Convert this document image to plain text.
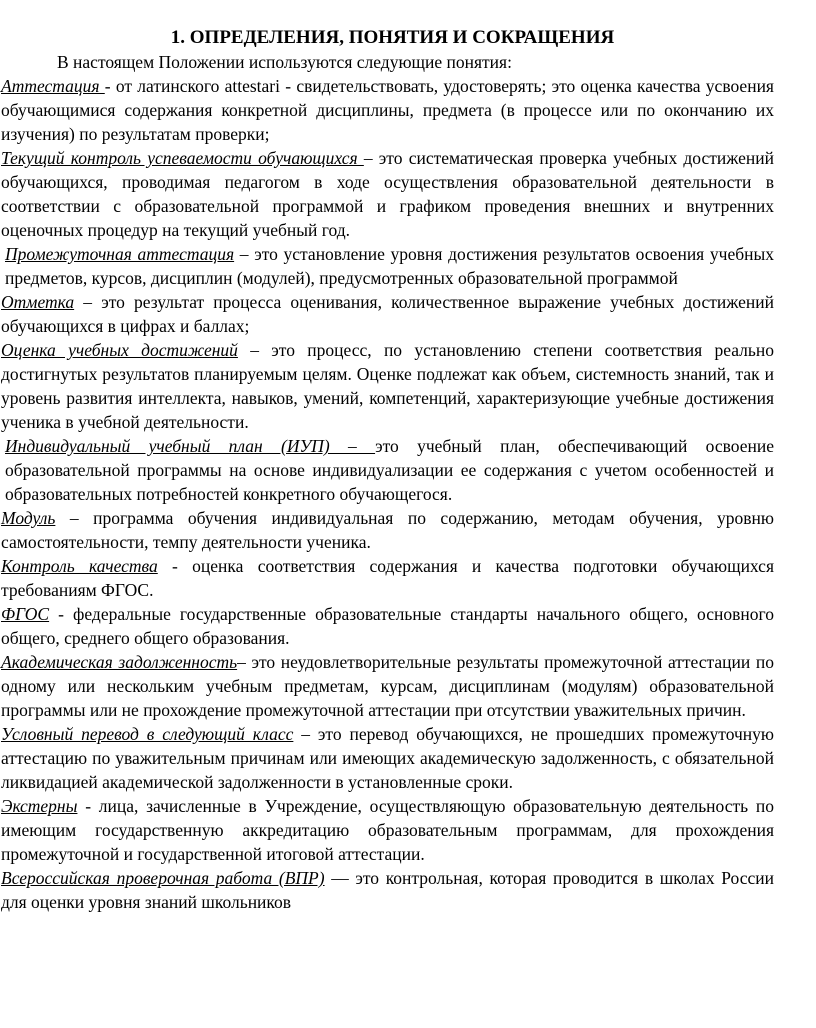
1. ОПРЕДЕЛЕНИЯ, ПОНЯТИЯ И СОКРАЩЕНИЯ

В настоящем Положении используются следующие понятия:

Аттестация - от латинского attestari - свидетельствовать, удостоверять; это оценка качества усвоения обучающимися содержания конкретной дисциплины, предмета (в процессе или по окончанию их изучения) по результатам проверки;

Текущий контроль успеваемости обучающихся – это систематическая проверка учебных достижений обучающихся, проводимая педагогом в ходе осуществления образовательной деятельности в соответствии с образовательной программой и графиком проведения внешних и внутренних оценочных процедур на текущий учебный год.

Промежуточная аттестация – это установление уровня достижения результатов освоения учебных предметов, курсов, дисциплин (модулей), предусмотренных образовательной программой

Отметка – это результат процесса оценивания, количественное выражение учебных достижений обучающихся в цифрах и баллах;

Оценка учебных достижений – это процесс, по установлению степени соответствия реально достигнутых результатов планируемым целям. Оценке подлежат как объем, системность знаний, так и уровень развития интеллекта, навыков, умений, компетенций, характеризующие учебные достижения ученика в учебной деятельности.

Индивидуальный учебный план (ИУП) – это учебный план, обеспечивающий освоение образовательной программы на основе индивидуализации ее содержания с учетом особенностей и образовательных потребностей конкретного обучающегося.

Модуль – программа обучения индивидуальная по содержанию, методам обучения, уровню самостоятельности, темпу деятельности ученика.

Контроль качества - оценка соответствия содержания и качества подготовки обучающихся требованиям ФГОС.

ФГОС - федеральные государственные образовательные стандарты начального общего, основного общего, среднего общего образования.

Академическая задолженность– это неудовлетворительные результаты промежуточной аттестации по одному или нескольким учебным предметам, курсам, дисциплинам (модулям) образовательной программы или не прохождение промежуточной аттестации при отсутствии уважительных причин.

Условный перевод в следующий класс – это перевод обучающихся, не прошедших промежуточную аттестацию по уважительным причинам или имеющих академическую задолженность, с обязательной ликвидацией академической задолженности в установленные сроки.

Экстерны - лица, зачисленные в Учреждение, осуществляющую образовательную деятельность по имеющим государственную аккредитацию образовательным программам, для прохождения промежуточной и государственной итоговой аттестации.

Всероссийская проверочная работа (ВПР) — это контрольная, которая проводится в школах России для оценки уровня знаний школьников
